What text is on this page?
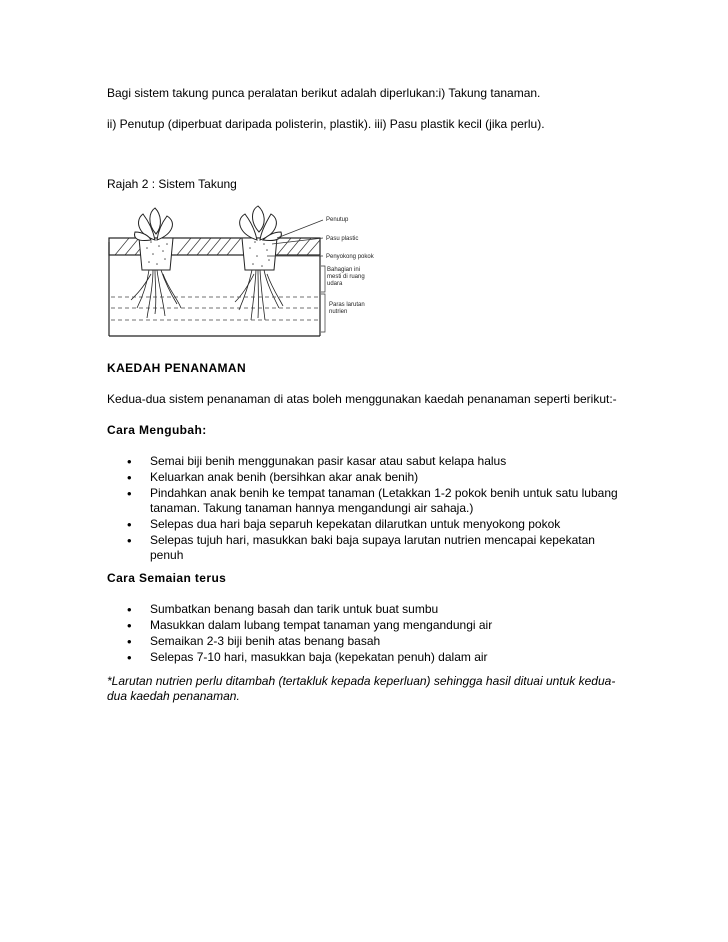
Bagi sistem takung punca peralatan berikut adalah diperlukan:i) Takung tanaman.

ii) Penutup (diperbuat daripada polisterin, plastik). iii) Pasu plastik kecil (jika perlu).

Rajah 2 : Sistem Takung

Penutup
Pasu plastic
Penyokong pokok
Bahagian ini
mesti di ruang
udara
Paras larutan
nutrien

KAEDAH PENANAMAN

Kedua-dua sistem penanaman di atas boleh menggunakan kaedah penanaman seperti berikut:-

Cara Mengubah:

• Semai biji benih menggunakan pasir kasar atau sabut kelapa halus
• Keluarkan anak benih (bersihkan akar anak benih)
• Pindahkan anak benih ke tempat tanaman (Letakkan 1-2 pokok benih untuk satu lubang tanaman. Takung tanaman hannya mengandungi air sahaja.)
• Selepas dua hari baja separuh kepekatan dilarutkan untuk menyokong pokok
• Selepas tujuh hari, masukkan baki baja supaya larutan nutrien mencapai kepekatan penuh

Cara Semaian terus

• Sumbatkan benang basah dan tarik untuk buat sumbu
• Masukkan dalam lubang tempat tanaman yang mengandungi air
• Semaikan 2-3 biji benih atas benang basah
• Selepas 7-10 hari, masukkan baja (kepekatan penuh) dalam air

*Larutan nutrien perlu ditambah (tertakluk kepada keperluan) sehingga hasil dituai untuk kedua-dua kaedah penanaman.
